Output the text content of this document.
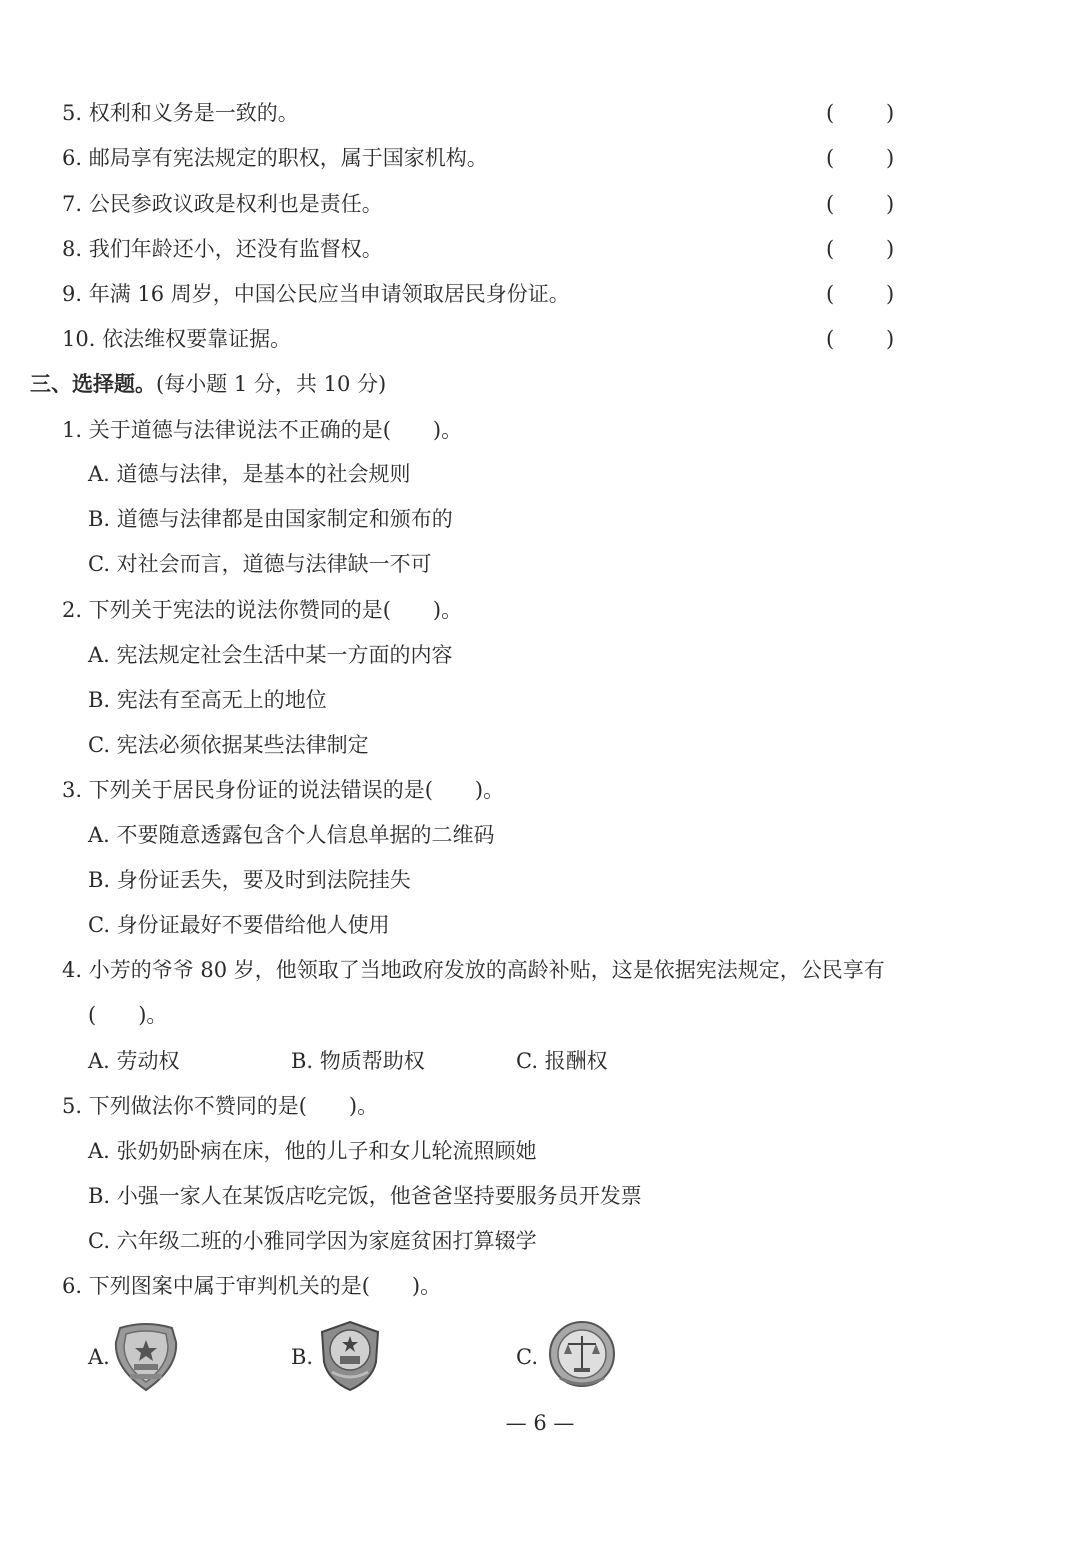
5. 权利和义务是一致的。	( )
6. 邮局享有宪法规定的职权，属于国家机构。	( )
7. 公民参政议政是权利也是责任。	( )
8. 我们年龄还小，还没有监督权。	( )
9. 年满 16 周岁，中国公民应当申请领取居民身份证。	( )
10. 依法维权要靠证据。	( )
三、选择题。(每小题 1 分，共 10 分)
1. 关于道德与法律说法不正确的是(　　)。
A. 道德与法律，是基本的社会规则
B. 道德与法律都是由国家制定和颁布的
C. 对社会而言，道德与法律缺一不可
2. 下列关于宪法的说法你赞同的是(　　)。
A. 宪法规定社会生活中某一方面的内容
B. 宪法有至高无上的地位
C. 宪法必须依据某些法律制定
3. 下列关于居民身份证的说法错误的是(　　)。
A. 不要随意透露包含个人信息单据的二维码
B. 身份证丢失，要及时到法院挂失
C. 身份证最好不要借给他人使用
4. 小芳的爷爷 80 岁，他领取了当地政府发放的高龄补贴，这是依据宪法规定，公民享有
(　　)。
A. 劳动权	B. 物质帮助权	C. 报酬权
5. 下列做法你不赞同的是(　　)。
A. 张奶奶卧病在床，他的儿子和女儿轮流照顾她
B. 小强一家人在某饭店吃完饭，他爸爸坚持要服务员开发票
C. 六年级二班的小雅同学因为家庭贫困打算辍学
6. 下列图案中属于审判机关的是(　　)。
A.	B.	C.
— 6 —
